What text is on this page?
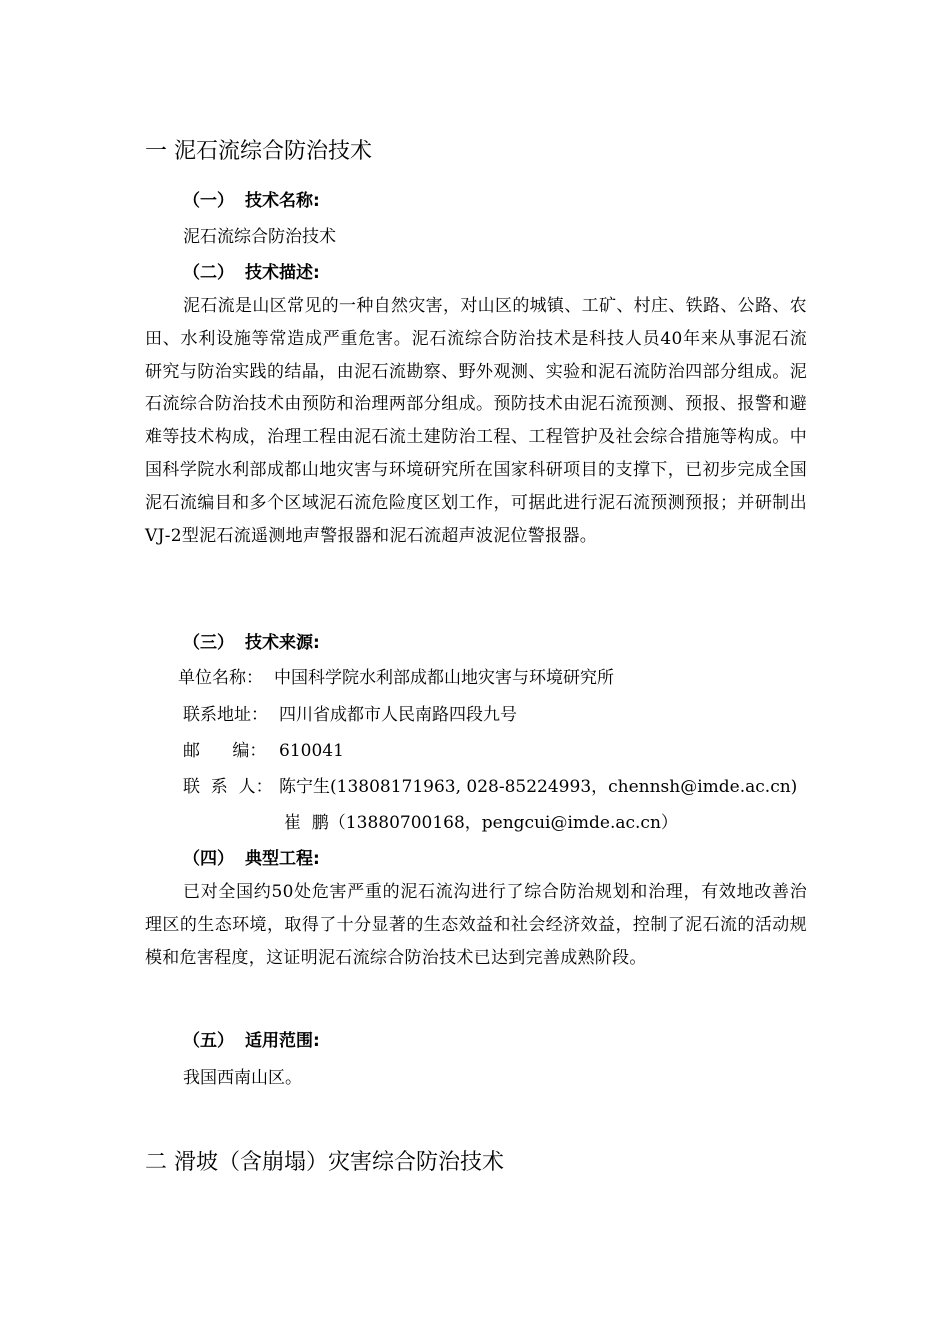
一 泥石流综合防治技术
（一） 技术名称:
泥石流综合防治技术
（二） 技术描述:
泥石流是山区常见的一种自然灾害，对山区的城镇、工矿、村庄、铁路、公路、农田、水利设施等常造成严重危害。泥石流综合防治技术是科技人员40年来从事泥石流研究与防治实践的结晶，由泥石流勘察、野外观测、实验和泥石流防治四部分组成。泥石流综合防治技术由预防和治理两部分组成。预防技术由泥石流预测、预报、报警和避难等技术构成，治理工程由泥石流土建防治工程、工程管护及社会综合措施等构成。中国科学院水利部成都山地灾害与环境研究所在国家科研项目的支撑下，已初步完成全国泥石流编目和多个区域泥石流危险度区划工作，可据此进行泥石流预测预报；并研制出 VJ-2型泥石流遥测地声警报器和泥石流超声波泥位警报器。
（三） 技术来源:
单位名称： 中国科学院水利部成都山地灾害与环境研究所
联系地址： 四川省成都市人民南路四段九号
邮      编： 610041
联  系  人： 陈宁生(13808171963, 028-85224993，chennsh@imde.ac.cn)
崔  鹏（13880700168，pengcui@imde.ac.cn）
（四） 典型工程:
已对全国约50处危害严重的泥石流沟进行了综合防治规划和治理，有效地改善治理区的生态环境，取得了十分显著的生态效益和社会经济效益，控制了泥石流的活动规模和危害程度，这证明泥石流综合防治技术已达到完善成熟阶段。
（五） 适用范围:
我国西南山区。
二 滑坡（含崩塌）灾害综合防治技术
